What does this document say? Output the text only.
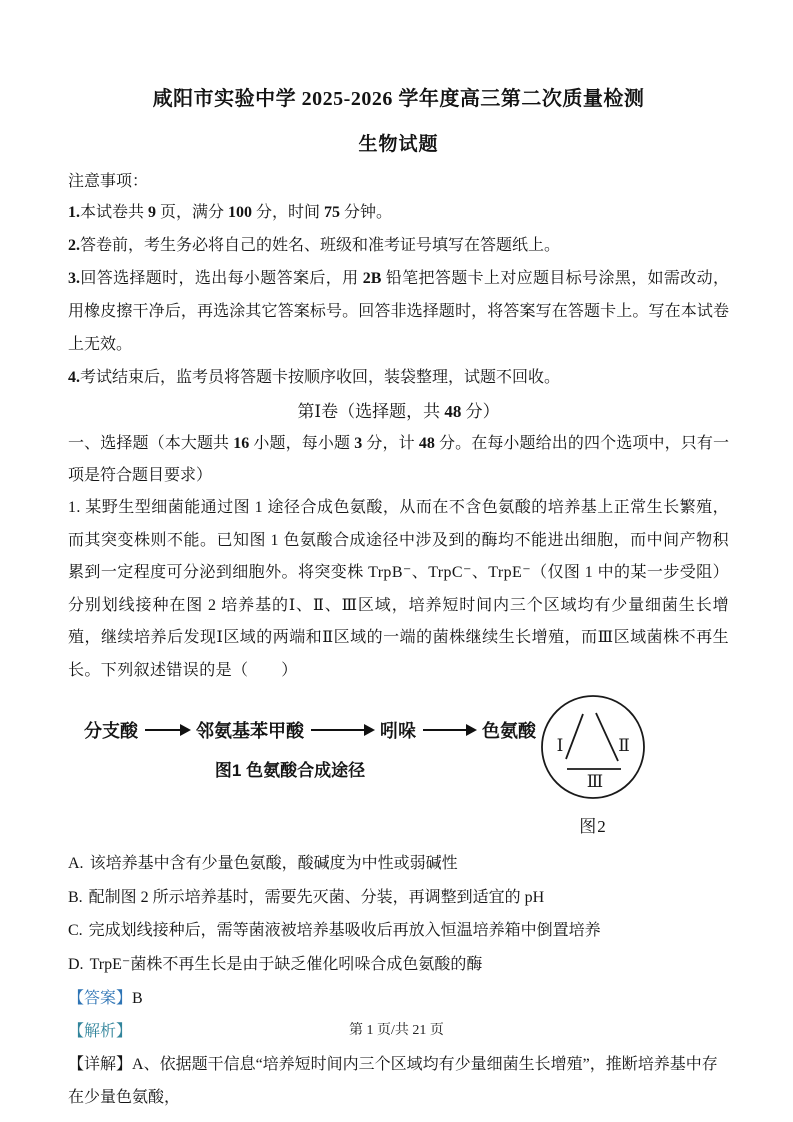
咸阳市实验中学 2025-2026 学年度高三第二次质量检测
生物试题

注意事项：

1.本试卷共 9 页，满分 100 分，时间 75 分钟。

2.答卷前，考生务必将自己的姓名、班级和准考证号填写在答题纸上。

3.回答选择题时，选出每小题答案后，用 2B 铅笔把答题卡上对应题目标号涂黑，如需改动，用橡皮擦干净后，再选涂其它答案标号。回答非选择题时，将答案写在答题卡上。写在本试卷上无效。

4.考试结束后，监考员将答题卡按顺序收回，装袋整理，试题不回收。

第Ⅰ卷（选择题，共 48 分）

一、选择题（本大题共 16 小题，每小题 3 分，计 48 分。在每小题给出的四个选项中，只有一项是符合题目要求）

1. 某野生型细菌能通过图 1 途径合成色氨酸，从而在不含色氨酸的培养基上正常生长繁殖，而其突变株则不能。已知图 1 色氨酸合成途径中涉及到的酶均不能进出细胞，而中间产物积累到一定程度可分泌到细胞外。将突变株 TrpB⁻、TrpC⁻、TrpE⁻（仅图 1 中的某一步受阻）分别划线接种在图 2 培养基的Ⅰ、Ⅱ、Ⅲ区域，培养短时间内三个区域均有少量细菌生长增殖，继续培养后发现Ⅰ区域的两端和Ⅱ区域的一端的菌株继续生长增殖，而Ⅲ区域菌株不再生长。下列叙述错误的是（　　）

分支酸	邻氨基苯甲酸	吲哚	色氨酸
图1 色氨酸合成途径
Ⅰ	Ⅱ
Ⅲ
图2

A. 该培养基中含有少量色氨酸，酸碱度为中性或弱碱性

B. 配制图 2 所示培养基时，需要先灭菌、分装，再调整到适宜的 pH

C. 完成划线接种后，需等菌液被培养基吸收后再放入恒温培养箱中倒置培养

D. TrpE⁻菌株不再生长是由于缺乏催化吲哚合成色氨酸的酶

【答案】B

【解析】

【详解】A、依据题干信息“培养短时间内三个区域均有少量细菌生长增殖”，推断培养基中存在少量色氨酸，

第 1 页/共 21 页
